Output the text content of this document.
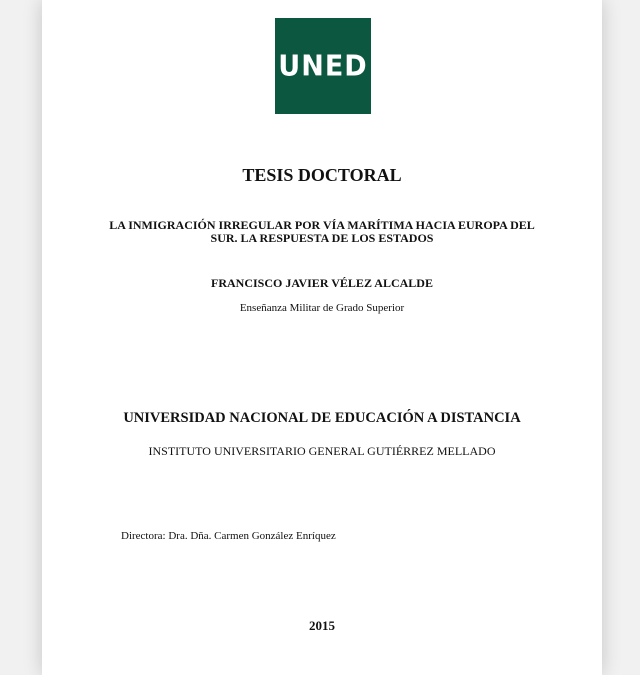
UNED
TESIS DOCTORAL
LA INMIGRACIÓN IRREGULAR POR VÍA MARÍTIMA HACIA EUROPA DEL
SUR. LA RESPUESTA DE LOS ESTADOS
FRANCISCO JAVIER VÉLEZ ALCALDE
Enseñanza Militar de Grado Superior
UNIVERSIDAD NACIONAL DE EDUCACIÓN A DISTANCIA
INSTITUTO UNIVERSITARIO GENERAL GUTIÉRREZ MELLADO
Directora: Dra. Dña. Carmen González Enríquez
2015
